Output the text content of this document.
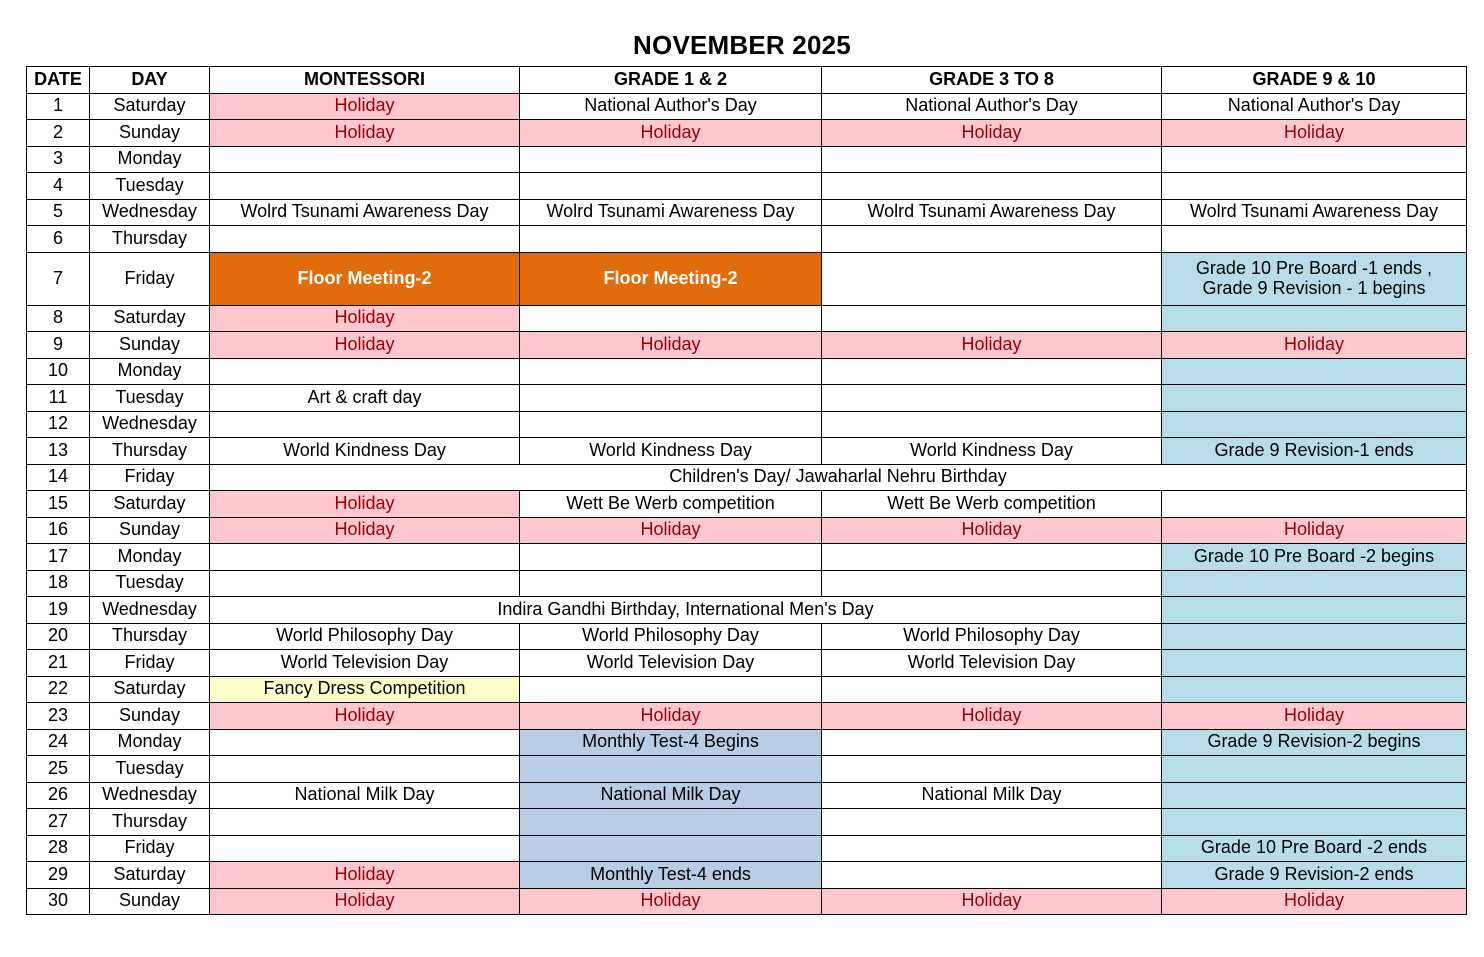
NOVEMBER 2025
DATE	DAY	MONTESSORI	GRADE 1 & 2	GRADE 3 TO 8	GRADE 9 & 10
1	Saturday	Holiday	National Author's Day	National Author's Day	National Author's Day
2	Sunday	Holiday	Holiday	Holiday	Holiday
3	Monday				
4	Tuesday				
5	Wednesday	Wolrd Tsunami Awareness Day	Wolrd Tsunami Awareness Day	Wolrd Tsunami Awareness Day	Wolrd Tsunami Awareness Day
6	Thursday				
7	Friday	Floor Meeting-2	Floor Meeting-2		Grade 10 Pre Board -1 ends ,
Grade 9 Revision - 1 begins

8	Saturday	Holiday			
9	Sunday	Holiday	Holiday	Holiday	Holiday
10	Monday				
11	Tuesday	Art & craft day			
12	Wednesday				
13	Thursday	World Kindness Day	World Kindness Day	World Kindness Day	Grade 9 Revision-1 ends
14	Friday	Children's Day/ Jawaharlal Nehru Birthday			
15	Saturday	Holiday	Wett Be Werb competition	Wett Be Werb competition	
16	Sunday	Holiday	Holiday	Holiday	Holiday
17	Monday				Grade 10 Pre Board -2 begins
18	Tuesday				
19	Wednesday	Indira Gandhi Birthday, International Men's Day			
20	Thursday	World Philosophy Day	World Philosophy Day	World Philosophy Day	
21	Friday	World Television Day	World Television Day	World Television Day	
22	Saturday	Fancy Dress Competition			
23	Sunday	Holiday	Holiday	Holiday	Holiday
24	Monday		Monthly Test-4 Begins		Grade 9 Revision-2 begins
25	Tuesday				
26	Wednesday	National Milk Day	National Milk Day	National Milk Day	
27	Thursday				
28	Friday				Grade 10 Pre Board -2 ends
29	Saturday	Holiday	Monthly Test-4 ends		Grade 9 Revision-2 ends
30	Sunday	Holiday	Holiday	Holiday	Holiday
